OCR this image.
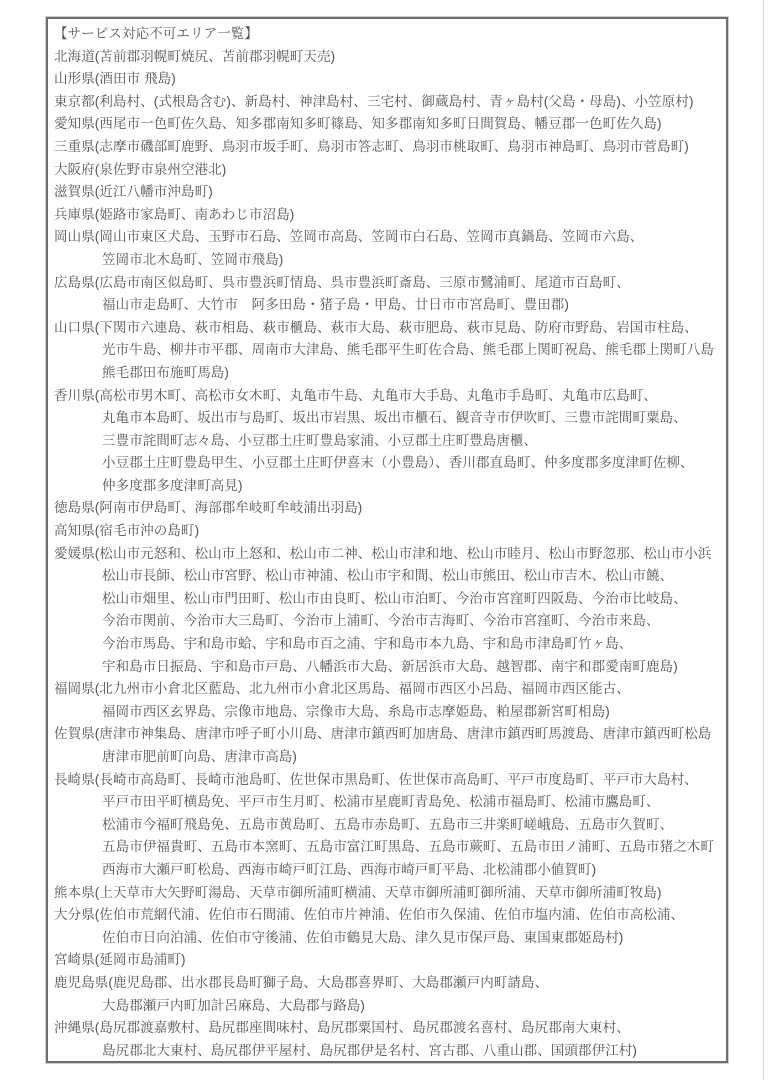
【サービス対応不可エリア一覧】
北海道(苫前郡羽幌町焼尻、苫前郡羽幌町天売)
山形県(酒田市 飛島)
東京都(利島村、(式根島含む)、新島村、神津島村、三宅村、御蔵島村、青ヶ島村(父島・母島)、小笠原村)
愛知県(西尾市一色町佐久島、知多郡南知多町篠島、知多郡南知多町日間賀島、幡豆郡一色町佐久島)
三重県(志摩市磯部町鹿野、鳥羽市坂手町、鳥羽市答志町、鳥羽市桃取町、鳥羽市神島町、鳥羽市菅島町)
大阪府(泉佐野市泉州空港北)
滋賀県(近江八幡市沖島町)
兵庫県(姫路市家島町、南あわじ市沼島)
岡山県(岡山市東区犬島、玉野市石島、笠岡市高島、笠岡市白石島、笠岡市真鍋島、笠岡市六島、
笠岡市北木島町、笠岡市飛島)
広島県(広島市南区似島町、呉市豊浜町情島、呉市豊浜町斎島、三原市鷺浦町、尾道市百島町、
福山市走島町、大竹市　阿多田島・猪子島・甲島、廿日市市宮島町、豊田郡)
山口県(下関市六連島、萩市相島、萩市櫃島、萩市大島、萩市肥島、萩市見島、防府市野島、岩国市柱島、
光市牛島、柳井市平郡、周南市大津島、熊毛郡平生町佐合島、熊毛郡上関町祝島、熊毛郡上関町八島
熊毛郡田布施町馬島)
香川県(高松市男木町、高松市女木町、丸亀市牛島、丸亀市大手島、丸亀市手島町、丸亀市広島町、
丸亀市本島町、坂出市与島町、坂出市岩黒、坂出市櫃石、観音寺市伊吹町、三豊市詫間町粟島、
三豊市詫間町志々島、小豆郡土庄町豊島家浦、小豆郡土庄町豊島唐櫃、
小豆郡土庄町豊島甲生、小豆郡土庄町伊喜末（小豊島）、香川郡直島町、仲多度郡多度津町佐柳、
仲多度郡多度津町高見)
徳島県(阿南市伊島町、海部郡牟岐町牟岐浦出羽島)
高知県(宿毛市沖の島町)
愛媛県(松山市元怒和、松山市上怒和、松山市二神、松山市津和地、松山市睦月、松山市野忽那、松山市小浜
松山市長師、松山市宮野、松山市神浦、松山市宇和間、松山市熊田、松山市吉木、松山市饒、
松山市畑里、松山市門田町、松山市由良町、松山市泊町、今治市宮窪町四阪島、今治市比岐島、
今治市関前、今治市大三島町、今治市上浦町、今治市吉海町、今治市宮窪町、今治市来島、
今治市馬島、宇和島市蛤、宇和島市百之浦、宇和島市本九島、宇和島市津島町竹ヶ島、
宇和島市日振島、宇和島市戸島、八幡浜市大島、新居浜市大島、越智郡、南宇和郡愛南町鹿島)
福岡県(北九州市小倉北区藍島、北九州市小倉北区馬島、福岡市西区小呂島、福岡市西区能古、
福岡市西区玄界島、宗像市地島、宗像市大島、糸島市志摩姫島、粕屋郡新宮町相島)
佐賀県(唐津市神集島、唐津市呼子町小川島、唐津市鎮西町加唐島、唐津市鎮西町馬渡島、唐津市鎮西町松島
唐津市肥前町向島、唐津市高島)
長崎県(長崎市高島町、長崎市池島町、佐世保市黒島町、佐世保市高島町、平戸市度島町、平戸市大島村、
平戸市田平町横島免、平戸市生月町、松浦市星鹿町青島免、松浦市福島町、松浦市鷹島町、
松浦市今福町飛島免、五島市黄島町、五島市赤島町、五島市三井楽町嵯峨島、五島市久賀町、
五島市伊福貴町、五島市本窯町、五島市富江町黒島、五島市蕨町、五島市田ノ浦町、五島市猪之木町
西海市大瀬戸町松島、西海市崎戸町江島、西海市崎戸町平島、北松浦郡小値賀町)
熊本県(上天草市大矢野町湯島、天草市御所浦町横浦、天草市御所浦町御所浦、天草市御所浦町牧島)
大分県(佐伯市荒網代浦、佐伯市石間浦、佐伯市片神浦、佐伯市久保浦、佐伯市塩内浦、佐伯市高松浦、
佐伯市日向泊浦、佐伯市守後浦、佐伯市鶴見大島、津久見市保戸島、東国東郡姫島村)
宮崎県(延岡市島浦町)
鹿児島県(鹿児島郡、出水郡長島町獅子島、大島郡喜界町、大島郡瀬戸内町請島、
大島郡瀬戸内町加計呂麻島、大島郡与路島)
沖縄県(島尻郡渡嘉敷村、島尻郡座間味村、島尻郡粟国村、島尻郡渡名喜村、島尻郡南大東村、
島尻郡北大東村、島尻郡伊平屋村、島尻郡伊是名村、宮古郡、八重山郡、国頭郡伊江村)
